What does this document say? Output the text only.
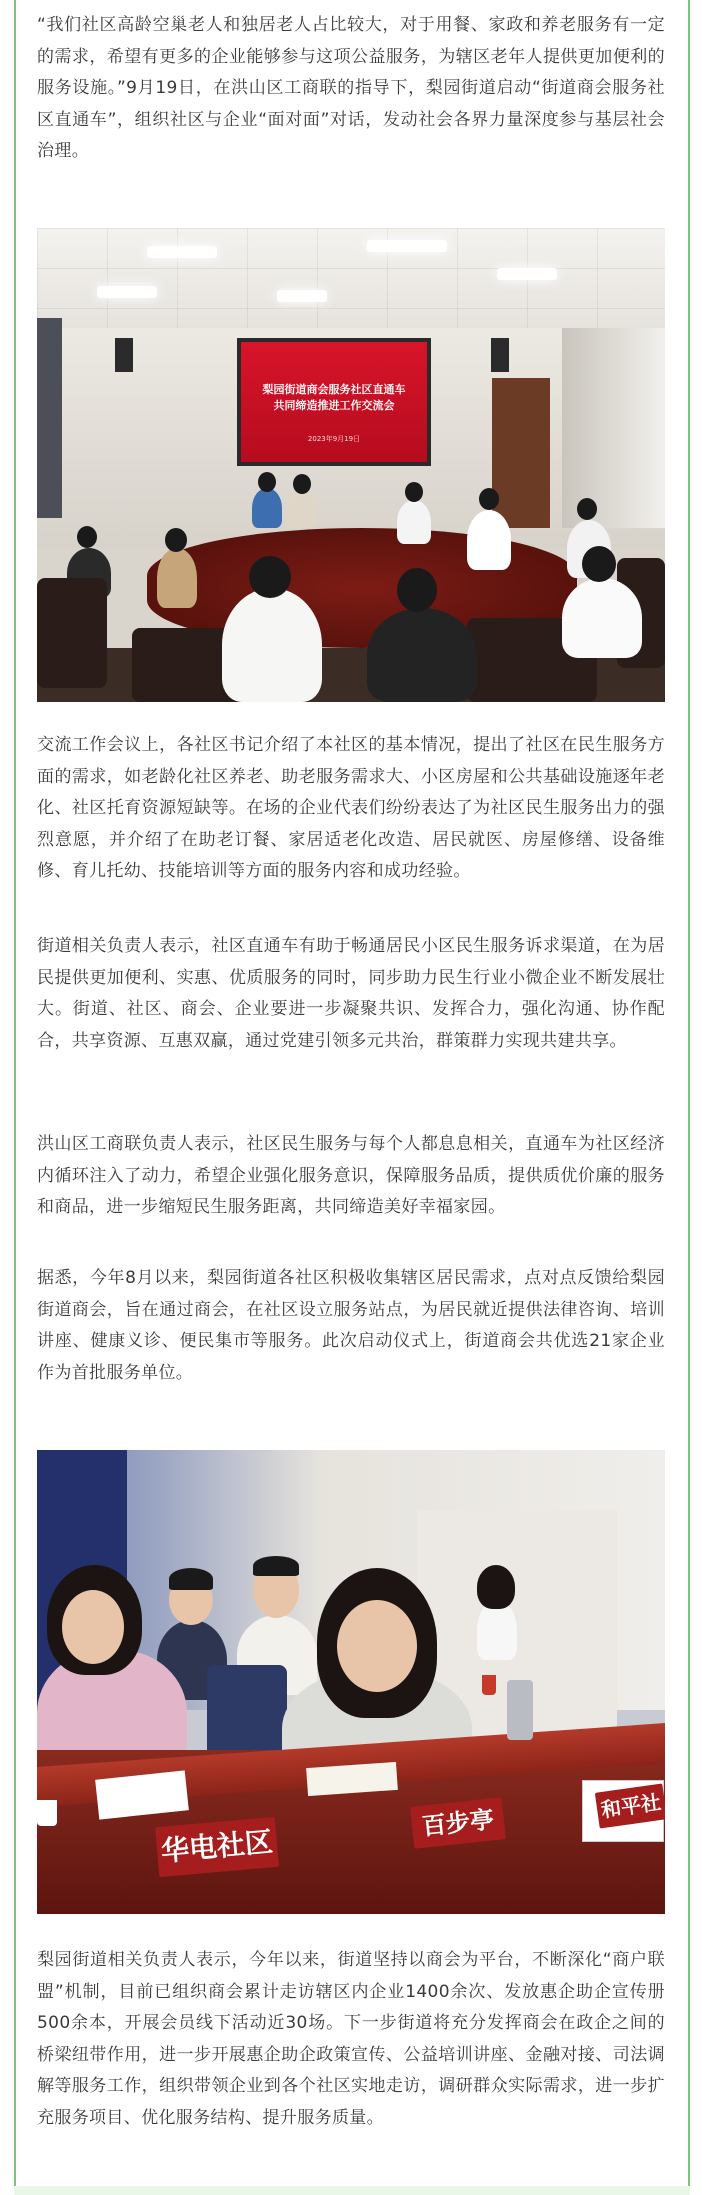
“我们社区高龄空巢老人和独居老人占比较大，对于用餐、家政和养老服务有一定的需求，希望有更多的企业能够参与这项公益服务，为辖区老年人提供更加便利的服务设施。”9月19日，在洪山区工商联的指导下，梨园街道启动“街道商会服务社区直通车”，组织社区与企业“面对面”对话，发动社会各界力量深度参与基层社会治理。

梨园街道商会服务社区直通车
共同缔造推进工作交流会
2023年9月19日

交流工作会议上，各社区书记介绍了本社区的基本情况，提出了社区在民生服务方面的需求，如老龄化社区养老、助老服务需求大、小区房屋和公共基础设施逐年老化、社区托育资源短缺等。在场的企业代表们纷纷表达了为社区民生服务出力的强烈意愿，并介绍了在助老订餐、家居适老化改造、居民就医、房屋修缮、设备维修、育儿托幼、技能培训等方面的服务内容和成功经验。

街道相关负责人表示，社区直通车有助于畅通居民小区民生服务诉求渠道，在为居民提供更加便利、实惠、优质服务的同时，同步助力民生行业小微企业不断发展壮大。街道、社区、商会、企业要进一步凝聚共识、发挥合力，强化沟通、协作配合，共享资源、互惠双赢，通过党建引领多元共治，群策群力实现共建共享。

洪山区工商联负责人表示，社区民生服务与每个人都息息相关，直通车为社区经济内循环注入了动力，希望企业强化服务意识，保障服务品质，提供质优价廉的服务和商品，进一步缩短民生服务距离，共同缔造美好幸福家园。

据悉，今年8月以来，梨园街道各社区积极收集辖区居民需求，点对点反馈给梨园街道商会，旨在通过商会，在社区设立服务站点，为居民就近提供法律咨询、培训讲座、健康义诊、便民集市等服务。此次启动仪式上，街道商会共优选21家企业作为首批服务单位。

华电社区
百步亭	和平社

梨园街道相关负责人表示，今年以来，街道坚持以商会为平台，不断深化“商户联盟”机制，目前已组织商会累计走访辖区内企业1400余次、发放惠企助企宣传册500余本，开展会员线下活动近30场。下一步街道将充分发挥商会在政企之间的桥梁纽带作用，进一步开展惠企助企政策宣传、公益培训讲座、金融对接、司法调解等服务工作，组织带领企业到各个社区实地走访，调研群众实际需求，进一步扩充服务项目、优化服务结构、提升服务质量。
